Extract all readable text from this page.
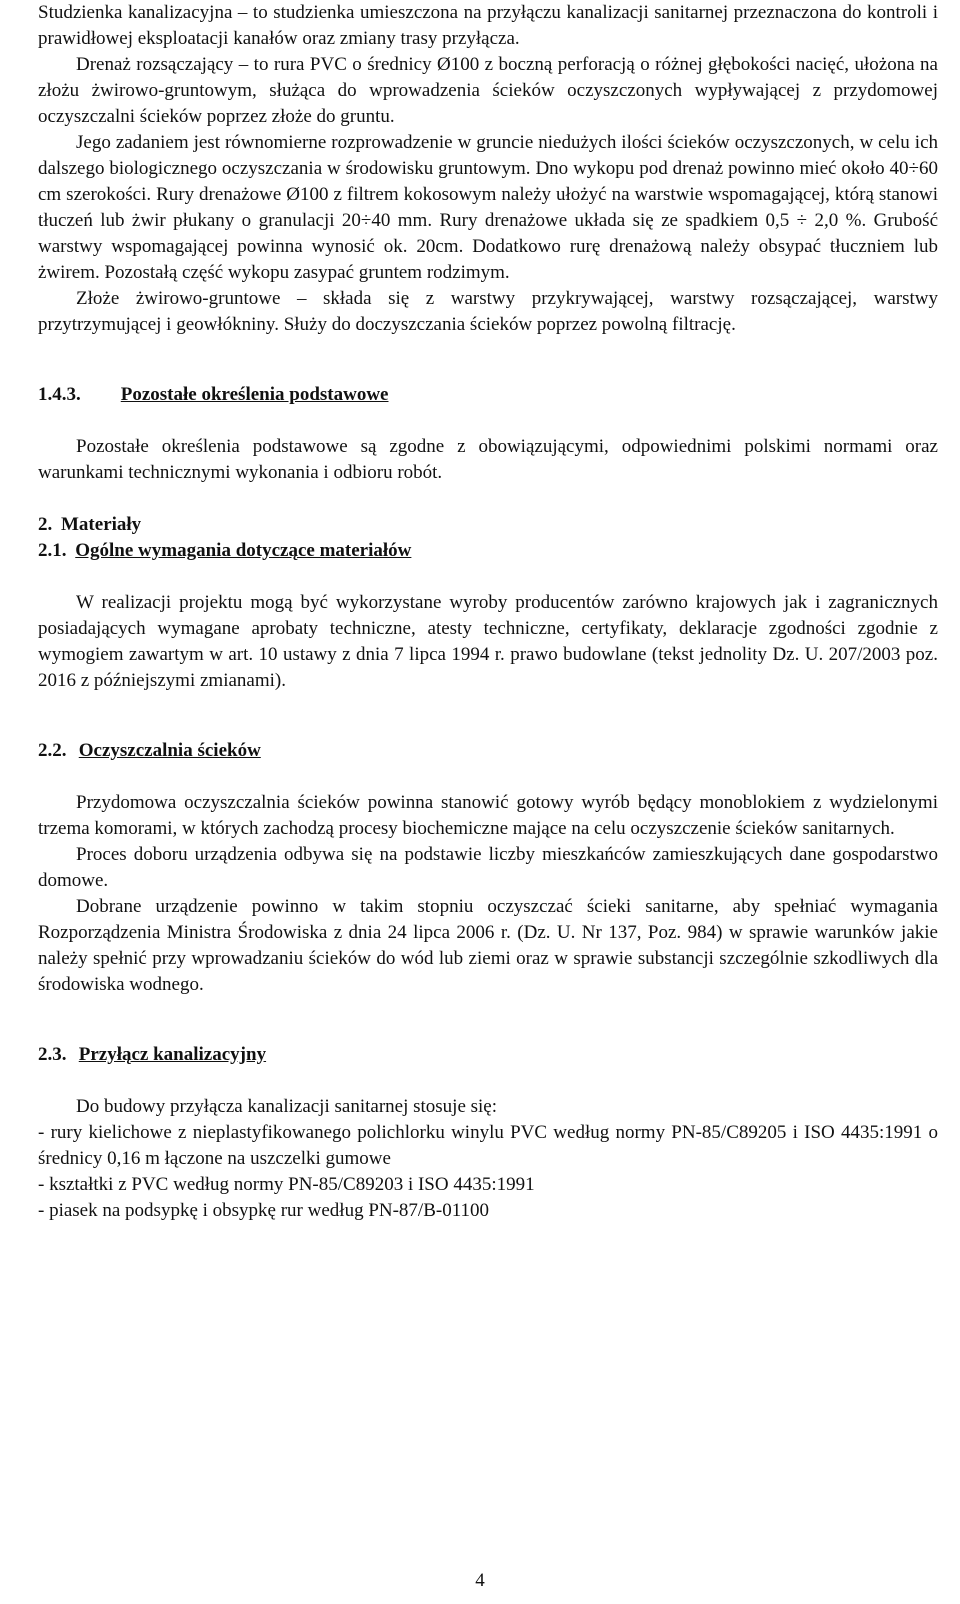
Studzienka kanalizacyjna – to studzienka umieszczona na przyłączu kanalizacji sanitarnej przeznaczona do kontroli i prawidłowej eksploatacji kanałów oraz zmiany trasy przyłącza.

Drenaż rozsączający – to rura PVC o średnicy Ø100 z boczną perforacją o różnej głębokości nacięć, ułożona na złożu żwirowo-gruntowym, służąca do wprowadzenia ścieków oczyszczonych wypływającej z przydomowej oczyszczalni ścieków poprzez złoże do gruntu.

Jego zadaniem jest równomierne rozprowadzenie w gruncie niedużych ilości ścieków oczyszczonych, w celu ich dalszego biologicznego oczyszczania w środowisku gruntowym. Dno wykopu pod drenaż powinno mieć około 40÷60 cm szerokości. Rury drenażowe Ø100 z filtrem kokosowym należy ułożyć na warstwie wspomagającej, którą stanowi tłuczeń lub żwir płukany o granulacji 20÷40 mm. Rury drenażowe układa się ze spadkiem 0,5 ÷ 2,0 %. Grubość warstwy wspomagającej powinna wynosić ok. 20cm. Dodatkowo rurę drenażową należy obsypać tłuczniem lub żwirem. Pozostałą część wykopu zasypać gruntem rodzimym.

Złoże żwirowo-gruntowe – składa się z warstwy przykrywającej, warstwy rozsączającej, warstwy przytrzymującej i geowłókniny. Służy do doczyszczania ścieków poprzez powolną filtrację.

1.4.3. Pozostałe określenia podstawowe

Pozostałe określenia podstawowe są zgodne z obowiązującymi, odpowiednimi polskimi normami oraz warunkami technicznymi wykonania i odbioru robót.

2. Materiały
2.1. Ogólne wymagania dotyczące materiałów

W realizacji projektu mogą być wykorzystane wyroby producentów zarówno krajowych jak i zagranicznych posiadających wymagane aprobaty techniczne, atesty techniczne, certyfikaty, deklaracje zgodności zgodnie z wymogiem zawartym w art. 10 ustawy z dnia 7 lipca 1994 r. prawo budowlane (tekst jednolity Dz. U. 207/2003 poz. 2016 z późniejszymi zmianami).

2.2. Oczyszczalnia ścieków

Przydomowa oczyszczalnia ścieków powinna stanowić gotowy wyrób będący monoblokiem z wydzielonymi trzema komorami, w których zachodzą procesy biochemiczne mające na celu oczyszczenie ścieków sanitarnych.

Proces doboru urządzenia odbywa się na podstawie liczby mieszkańców zamieszkujących dane gospodarstwo domowe.

Dobrane urządzenie powinno w takim stopniu oczyszczać ścieki sanitarne, aby spełniać wymagania Rozporządzenia Ministra Środowiska z dnia 24 lipca 2006 r. (Dz. U. Nr 137, Poz. 984) w sprawie warunków jakie należy spełnić przy wprowadzaniu ścieków do wód lub ziemi oraz w sprawie substancji szczególnie szkodliwych dla środowiska wodnego.

2.3. Przyłącz kanalizacyjny

Do budowy przyłącza kanalizacji sanitarnej stosuje się:

- rury kielichowe z nieplastyfikowanego polichlorku winylu PVC według normy PN-85/C89205 i ISO 4435:1991 o średnicy 0,16 m łączone na uszczelki gumowe

- kształtki z PVC według normy PN-85/C89203 i ISO 4435:1991

- piasek na podsypkę i obsypkę rur według PN-87/B-01100

4
